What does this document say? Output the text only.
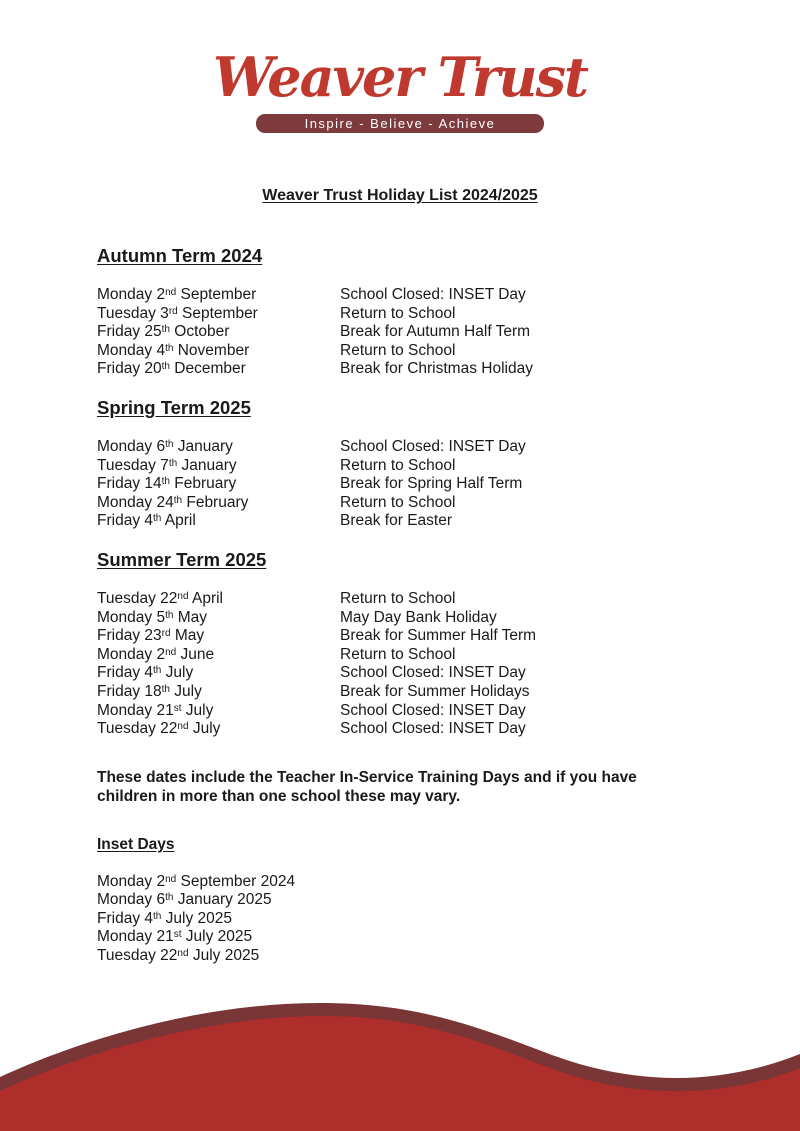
Weaver Trust
Inspire - Believe - Achieve
Weaver Trust Holiday List 2024/2025
Autumn Term 2024
Monday 2nd September	School Closed: INSET Day
Tuesday 3rd September	Return to School
Friday 25th October	Break for Autumn Half Term
Monday 4th November	Return to School
Friday 20th December	Break for Christmas Holiday
Spring Term 2025
Monday 6th January	School Closed: INSET Day
Tuesday 7th January	Return to School
Friday 14th February	Break for Spring Half Term
Monday 24th February	Return to School
Friday 4th April	Break for Easter
Summer Term 2025
Tuesday 22nd April	Return to School
Monday 5th May	May Day Bank Holiday
Friday 23rd May	Break for Summer Half Term
Monday 2nd June	Return to School
Friday 4th July	School Closed: INSET Day
Friday 18th July	Break for Summer Holidays
Monday 21st July	School Closed: INSET Day
Tuesday 22nd July	School Closed: INSET Day
These dates include the Teacher In-Service Training Days and if you have
children in more than one school these may vary.
Inset Days
Monday 2nd September 2024
Monday 6th January 2025
Friday 4th July 2025
Monday 21st July 2025
Tuesday 22nd July 2025
